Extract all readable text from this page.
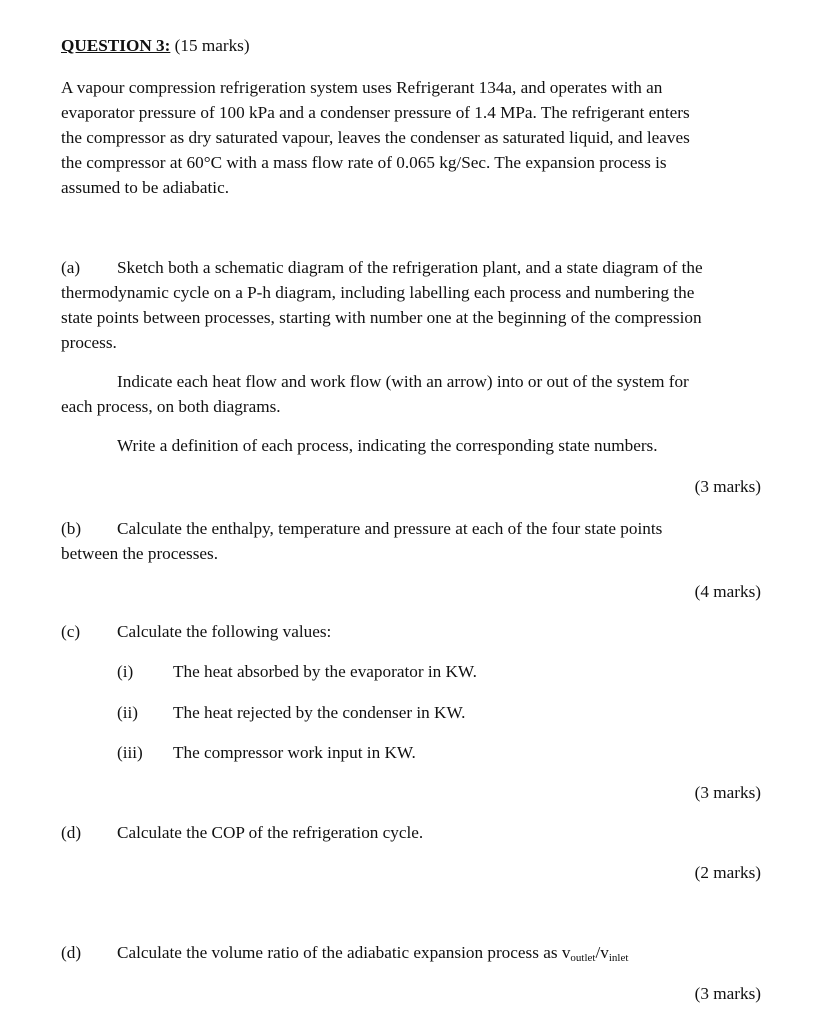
QUESTION 3: (15 marks)
A vapour compression refrigeration system uses Refrigerant 134a, and operates with an
evaporator pressure of 100 kPa and a condenser pressure of 1.4 MPa. The refrigerant enters
the compressor as dry saturated vapour, leaves the condenser as saturated liquid, and leaves
the compressor at 60°C with a mass flow rate of 0.065 kg/Sec. The expansion process is
assumed to be adiabatic.
(a) Sketch both a schematic diagram of the refrigeration plant, and a state diagram of the
thermodynamic cycle on a P-h diagram, including labelling each process and numbering the
state points between processes, starting with number one at the beginning of the compression
process.
Indicate each heat flow and work flow (with an arrow) into or out of the system for
each process, on both diagrams.
Write a definition of each process, indicating the corresponding state numbers.
(3 marks)
(b) Calculate the enthalpy, temperature and pressure at each of the four state points
between the processes.
(4 marks)
(c) Calculate the following values:
(i) The heat absorbed by the evaporator in KW.
(ii) The heat rejected by the condenser in KW.
(iii) The compressor work input in KW.
(3 marks)
(d) Calculate the COP of the refrigeration cycle.
(2 marks)
(d) Calculate the volume ratio of the adiabatic expansion process as $v_{outlet}/v_{inlet}$
(3 marks)
